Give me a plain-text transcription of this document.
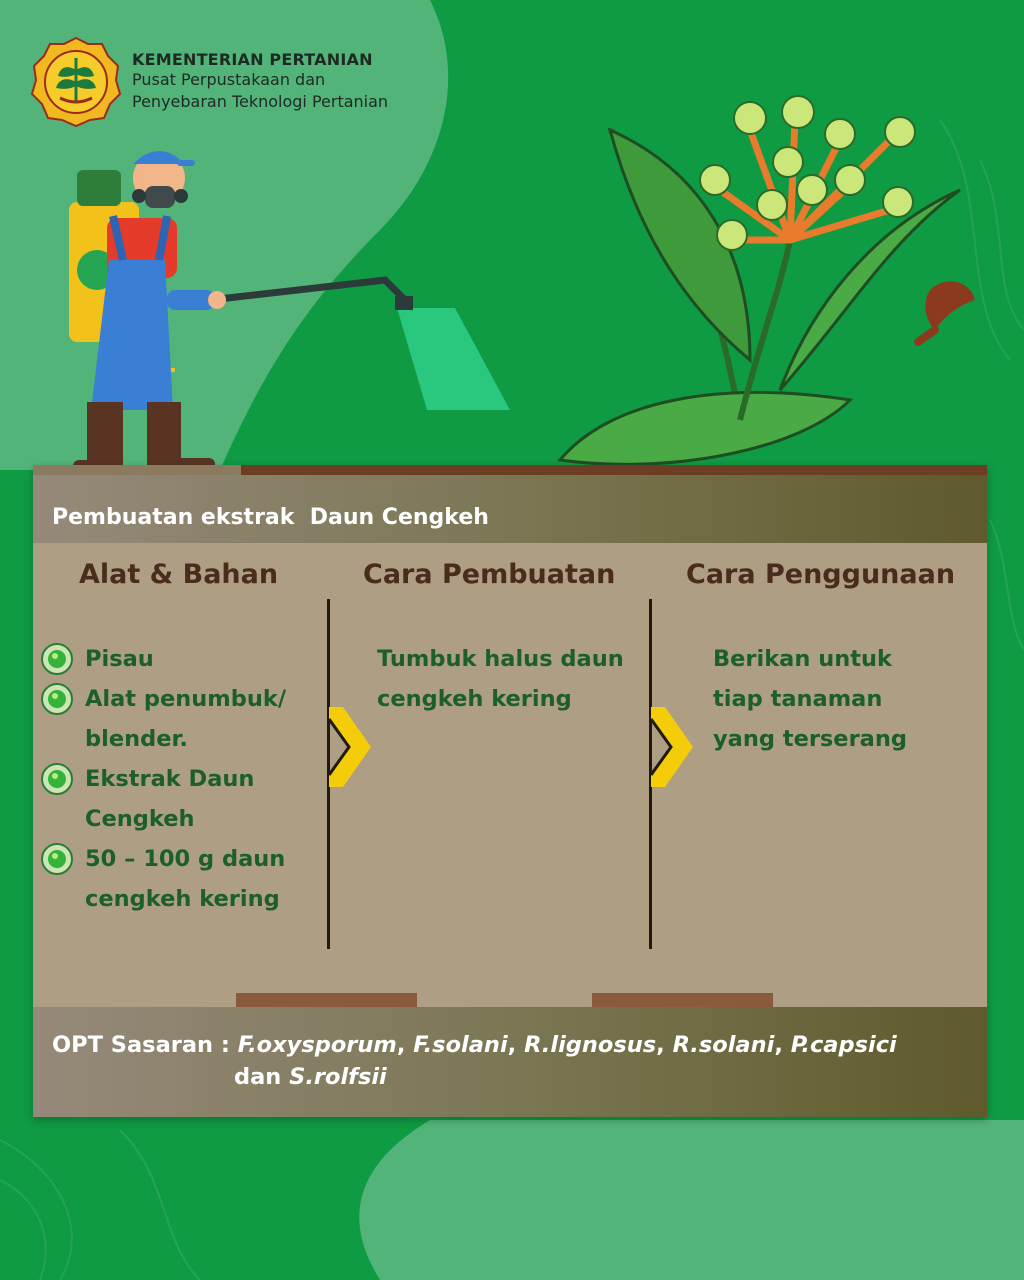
KEMENTERIAN PERTANIAN
Pusat Perpustakaan dan
Penyebaran Teknologi Pertanian
Pembuatan ekstrak  Daun Cengkeh
Alat & Bahan	Cara Pembuatan	Cara Penggunaan
Pisau
Alat penumbuk/
blender.
Ekstrak Daun
Cengkeh
50 – 100 g daun
cengkeh kering
Tumbuk halus daun
cengkeh kering
Berikan untuk
tiap tanaman
yang terserang
OPT Sasaran : F.oxysporum, F.solani, R.lignosus, R.solani, P.capsici
dan S.rolfsii
